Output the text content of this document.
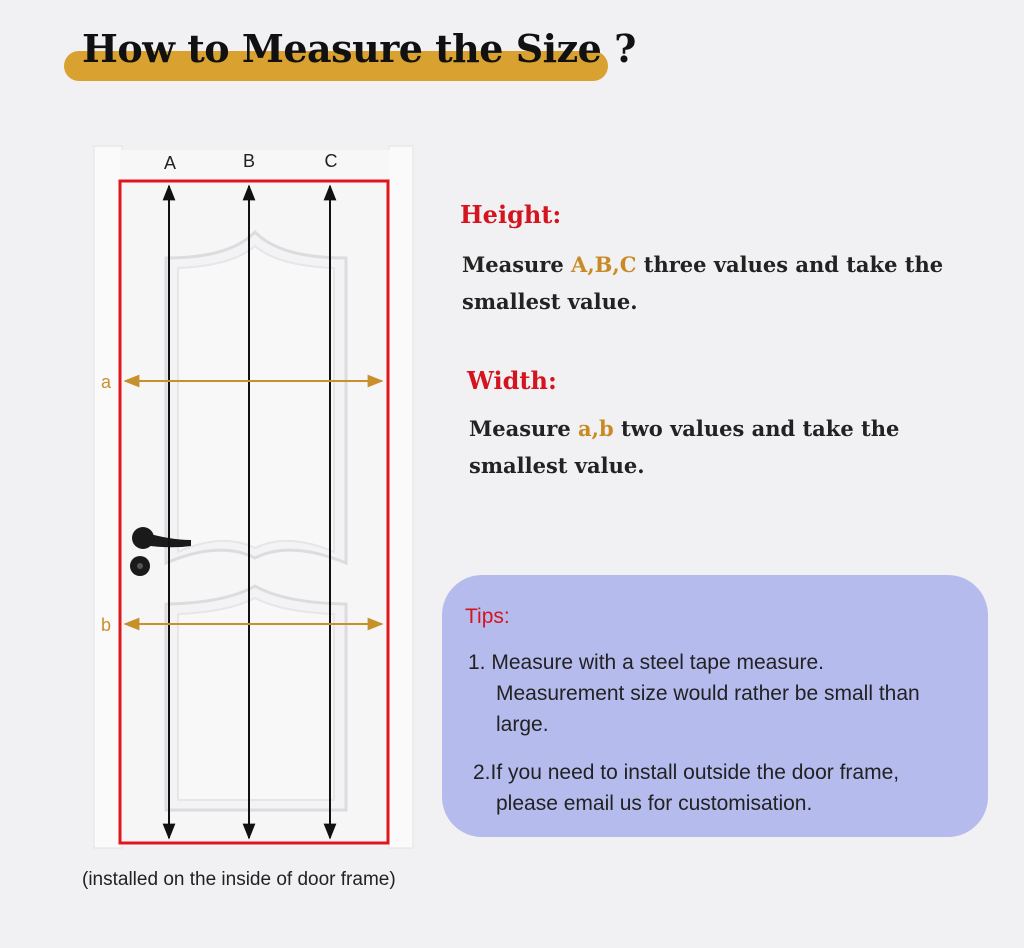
How to Measure the Size ?
A	B	C
a
b
(installed on the inside of door frame)
Height:
Measure A,B,C three values and take the
smallest value.
Width:
Measure a,b two values and take the
smallest value.
Tips:
1. Measure with a steel tape measure.
Measurement size would rather be small than
large.
2.If you need to install outside the door frame,
please email us for customisation.
